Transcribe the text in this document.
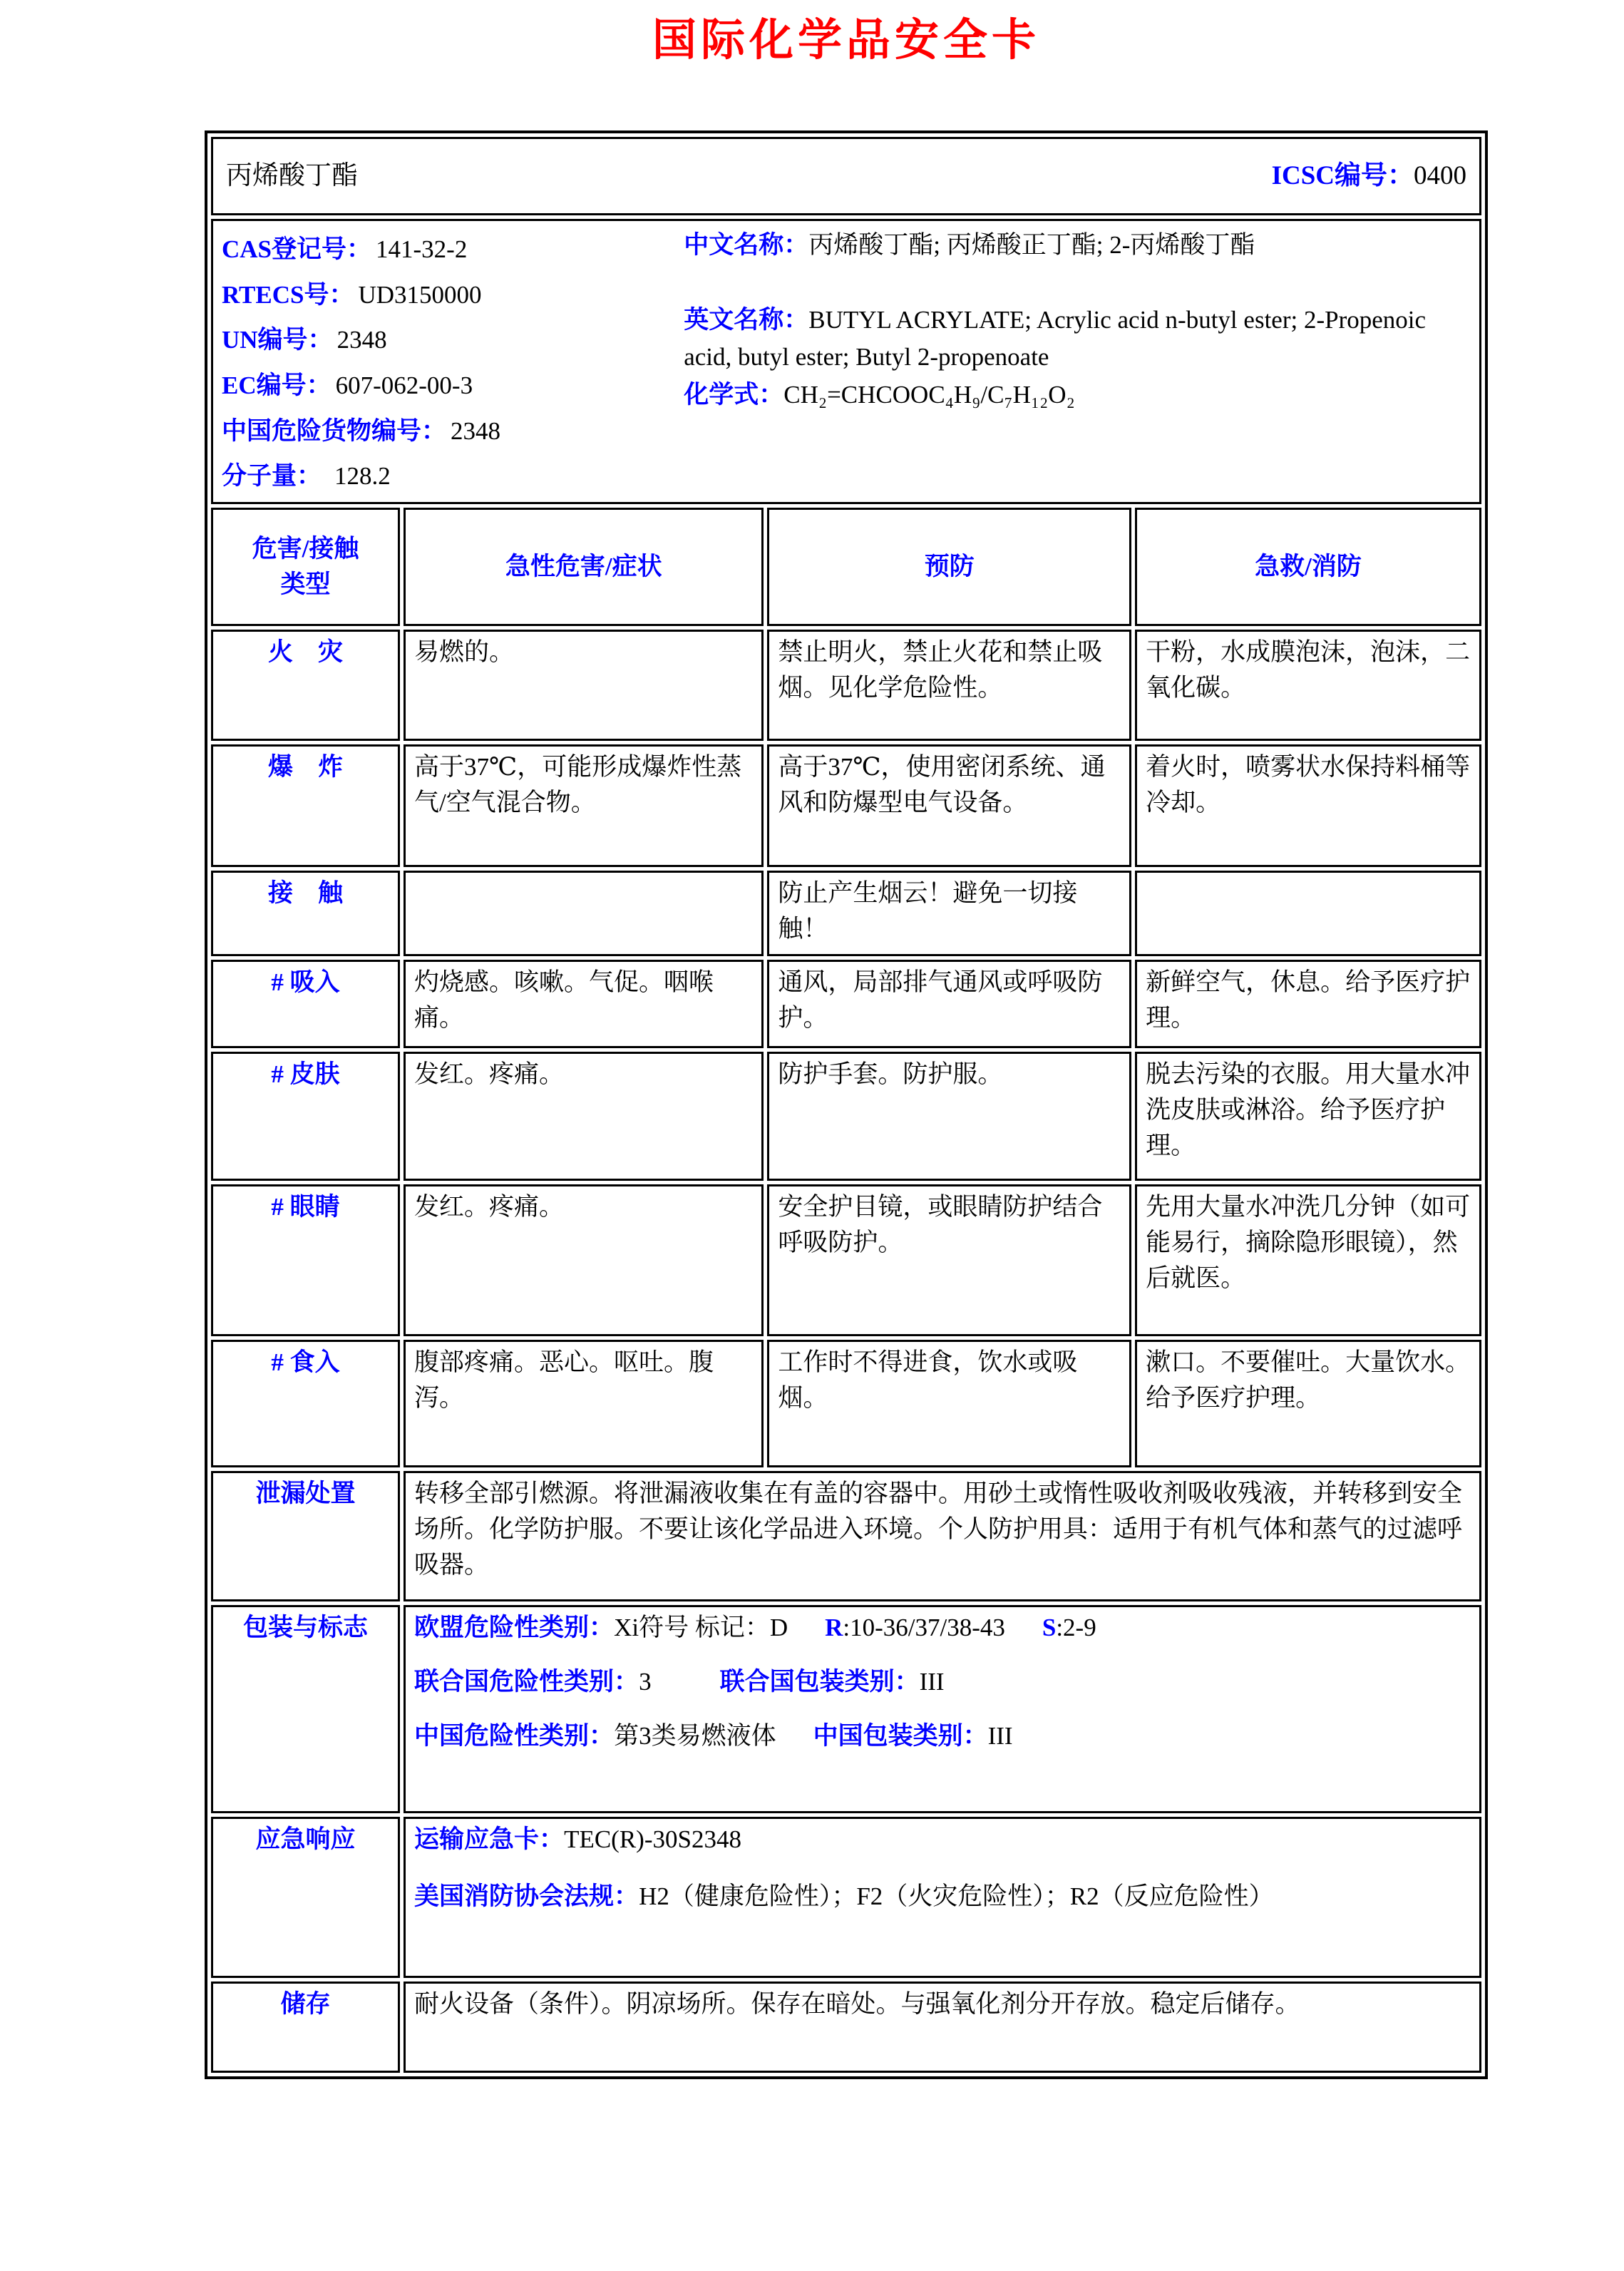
国际化学品安全卡
丙烯酸丁酯 ICSC编号：0400			

CAS登记号： 141-32-2
RTECS号： UD3150000
UN编号： 2348
EC编号： 607-062-00-3
中国危险货物编号： 2348
分子量： 128.2
中文名称：丙烯酸丁酯; 丙烯酸正丁酯; 2-丙烯酸丁酯
英文名称：BUTYL ACRYLATE; Acrylic acid n-butyl ester; 2-Propenoic acid, butyl ester; Butyl 2-propenoate
化学式：CH₂=CHCOOC₄H₉/C₇H₁₂O₂

危害/接触
类型	急性危害/症状	预防	急救/消防
火　灾	易燃的。	禁止明火，禁止火花和禁止吸烟。见化学危险性。	干粉，水成膜泡沫，泡沫，二氧化碳。
爆　炸	高于37℃，可能形成爆炸性蒸气/空气混合物。	高于37℃，使用密闭系统、通风和防爆型电气设备。	着火时，喷雾状水保持料桶等冷却。
接　触		防止产生烟云！避免一切接触！	
# 吸入	灼烧感。咳嗽。气促。咽喉痛。	通风，局部排气通风或呼吸防护。	新鲜空气，休息。给予医疗护理。
# 皮肤	发红。疼痛。	防护手套。防护服。	脱去污染的衣服。用大量水冲洗皮肤或淋浴。给予医疗护理。
# 眼睛	发红。疼痛。	安全护目镜，或眼睛防护结合呼吸防护。	先用大量水冲洗几分钟（如可能易行，摘除隐形眼镜），然后就医。
# 食入	腹部疼痛。恶心。呕吐。腹泻。	工作时不得进食，饮水或吸烟。	漱口。不要催吐。大量饮水。给予医疗护理。
泄漏处置	转移全部引燃源。将泄漏液收集在有盖的容器中。用砂土或惰性吸收剂吸收残液，并转移到安全场所。化学防护服。不要让该化学品进入环境。个人防护用具：适用于有机气体和蒸气的过滤呼吸器。		
包装与标志	欧盟危险性类别：Xi符号 标记：D R:10-36/37/38-43 S:2-9
联合国危险性类别：3 联合国包装类别：III
中国危险性类别：第3类易燃液体 中国包装类别：III		

应急响应	运输应急卡：TEC(R)-30S2348
美国消防协会法规：H2（健康危险性）；F2（火灾危险性）；R2（反应危险性）		

储存	耐火设备（条件）。阴凉场所。保存在暗处。与强氧化剂分开存放。稳定后储存。		
